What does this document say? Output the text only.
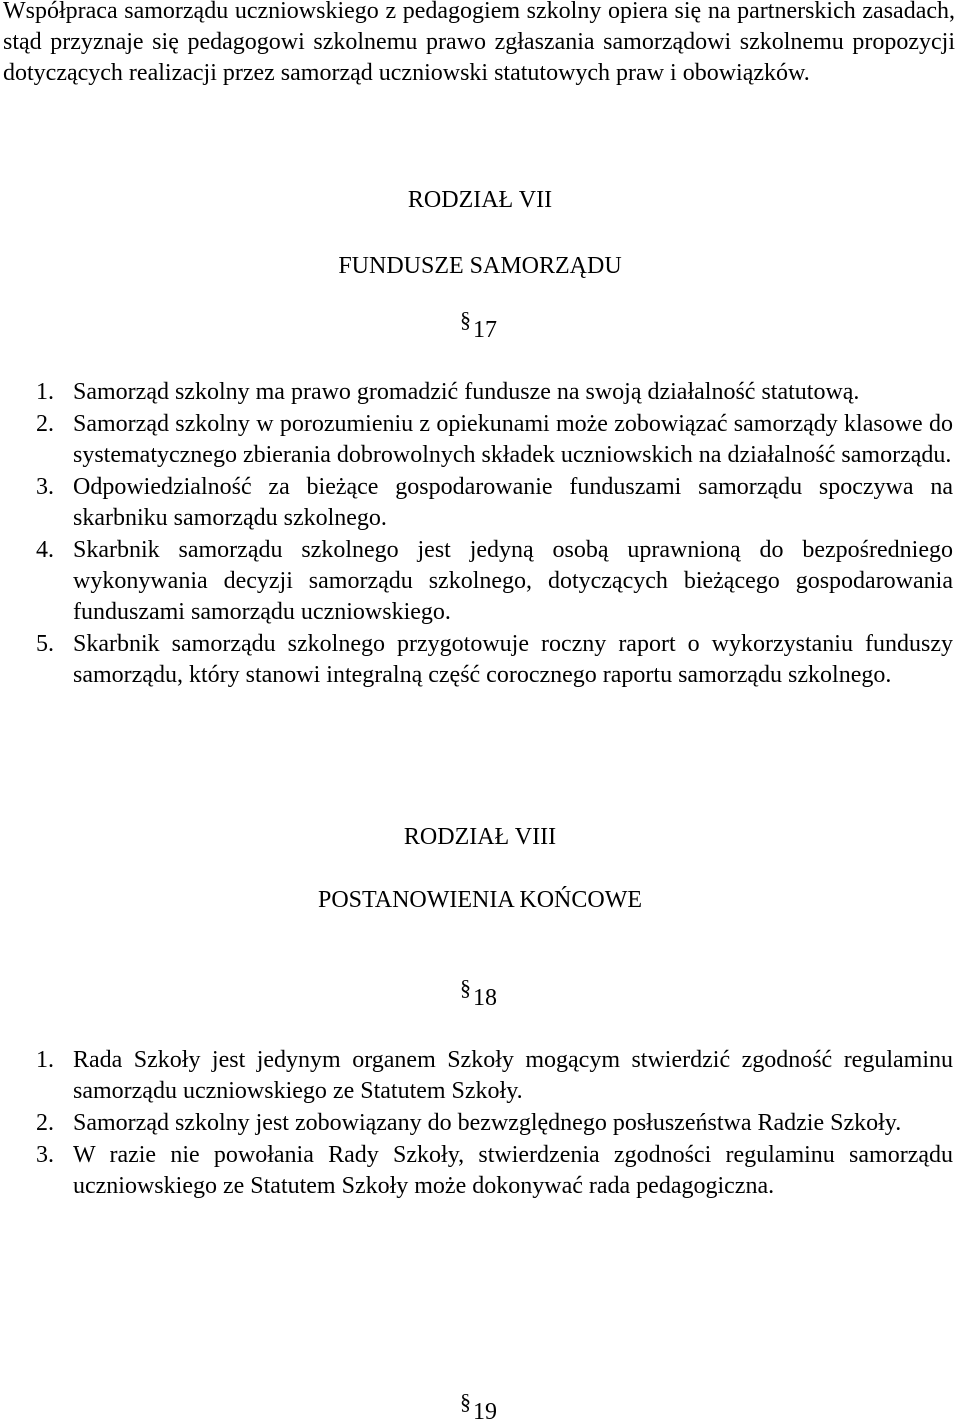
Współpraca samorządu uczniowskiego z pedagogiem szkolny opiera się na partnerskich zasadach, stąd przyznaje się pedagogowi szkolnemu prawo zgłaszania samorządowi szkolnemu propozycji dotyczących realizacji przez samorząd uczniowski statutowych praw i obowiązków.

RODZIAŁ VII
FUNDUSZE SAMORZĄDU
§17
1. Samorząd szkolny ma prawo gromadzić fundusze na swoją działalność statutową.
2. Samorząd szkolny w porozumieniu z opiekunami może zobowiązać samorządy klasowe do systematycznego zbierania dobrowolnych składek uczniowskich na działalność samorządu.
3. Odpowiedzialność za bieżące gospodarowanie funduszami samorządu spoczywa na skarbniku samorządu szkolnego.
4. Skarbnik samorządu szkolnego jest jedyną osobą uprawnioną do bezpośredniego wykonywania decyzji samorządu szkolnego, dotyczących bieżącego gospodarowania funduszami samorządu uczniowskiego.
5. Skarbnik samorządu szkolnego przygotowuje roczny raport o wykorzystaniu funduszy samorządu, który stanowi integralną część corocznego raportu samorządu szkolnego.
RODZIAŁ VIII
POSTANOWIENIA KOŃCOWE
§18
1. Rada Szkoły jest jedynym organem Szkoły mogącym stwierdzić zgodność regulaminu samorządu uczniowskiego ze Statutem Szkoły.
2. Samorząd szkolny jest zobowiązany do bezwzględnego posłuszeństwa Radzie Szkoły.
3. W razie nie powołania Rady Szkoły, stwierdzenia zgodności regulaminu samorządu uczniowskiego ze Statutem Szkoły może dokonywać rada pedagogiczna.
§19
